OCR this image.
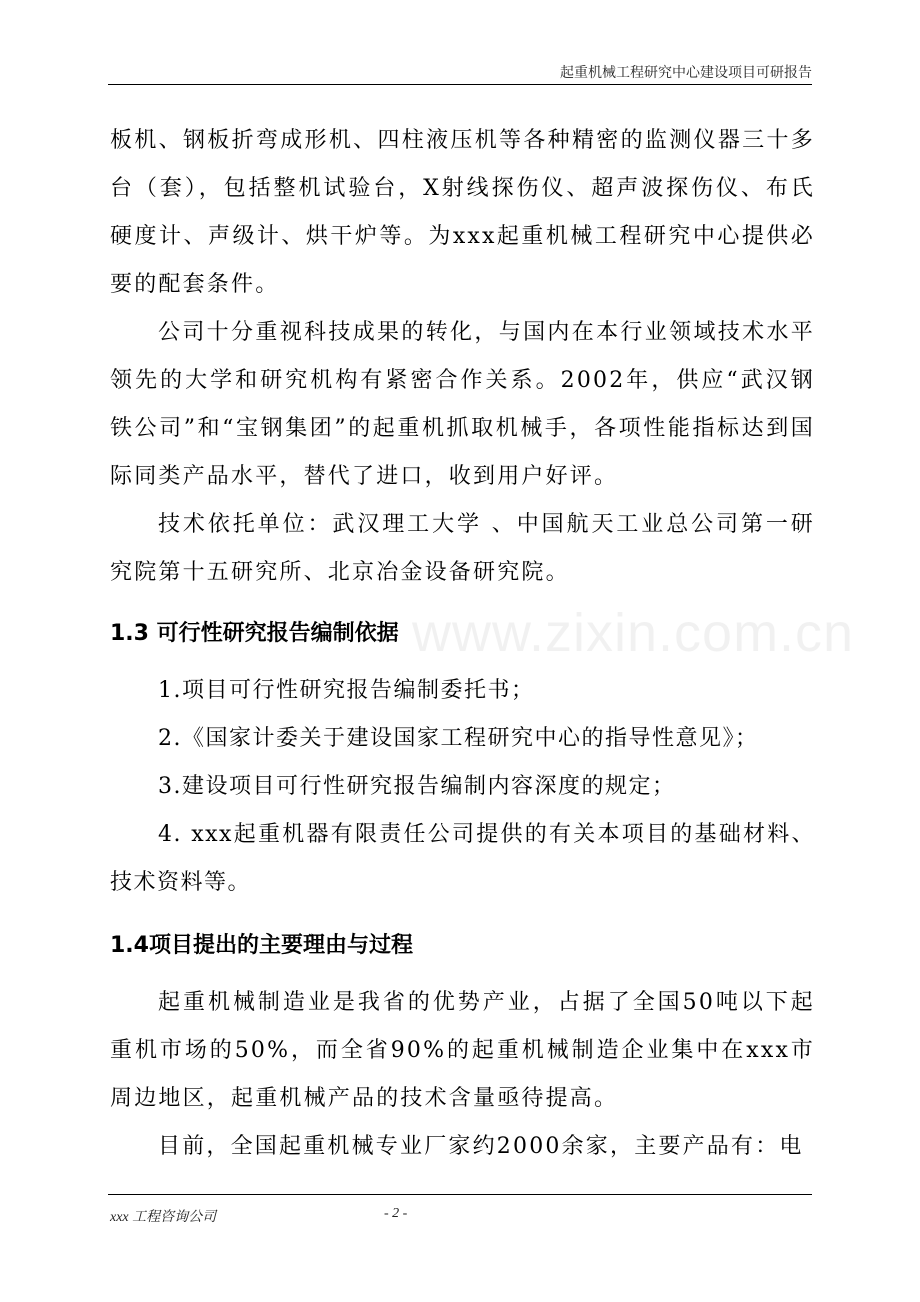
起重机械工程研究中心建设项目可研报告

板机、钢板折弯成形机、四柱液压机等各种精密的监测仪器三十多台（套），包括整机试验台，X射线探伤仪、超声波探伤仪、布氏硬度计、声级计、烘干炉等。为xxx起重机械工程研究中心提供必要的配套条件。

公司十分重视科技成果的转化，与国内在本行业领域技术水平领先的大学和研究机构有紧密合作关系。2002年，供应“武汉钢铁公司”和“宝钢集团”的起重机抓取机械手，各项性能指标达到国际同类产品水平，替代了进口，收到用户好评。

技术依托单位：武汉理工大学 、中国航天工业总公司第一研究院第十五研究所、北京冶金设备研究院。

www.zixin.com.cn
1.3 可行性研究报告编制依据

1.项目可行性研究报告编制委托书；

2.《国家计委关于建设国家工程研究中心的指导性意见》；

3.建设项目可行性研究报告编制内容深度的规定；

4. xxx起重机器有限责任公司提供的有关本项目的基础材料、技术资料等。

1.4项目提出的主要理由与过程

起重机械制造业是我省的优势产业，占据了全国50吨以下起重机市场的50%，而全省90%的起重机械制造企业集中在xxx市周边地区，起重机械产品的技术含量亟待提高。

目前，全国起重机械专业厂家约2000余家，主要产品有：电

xxx 工程咨询公司	- 2 -
